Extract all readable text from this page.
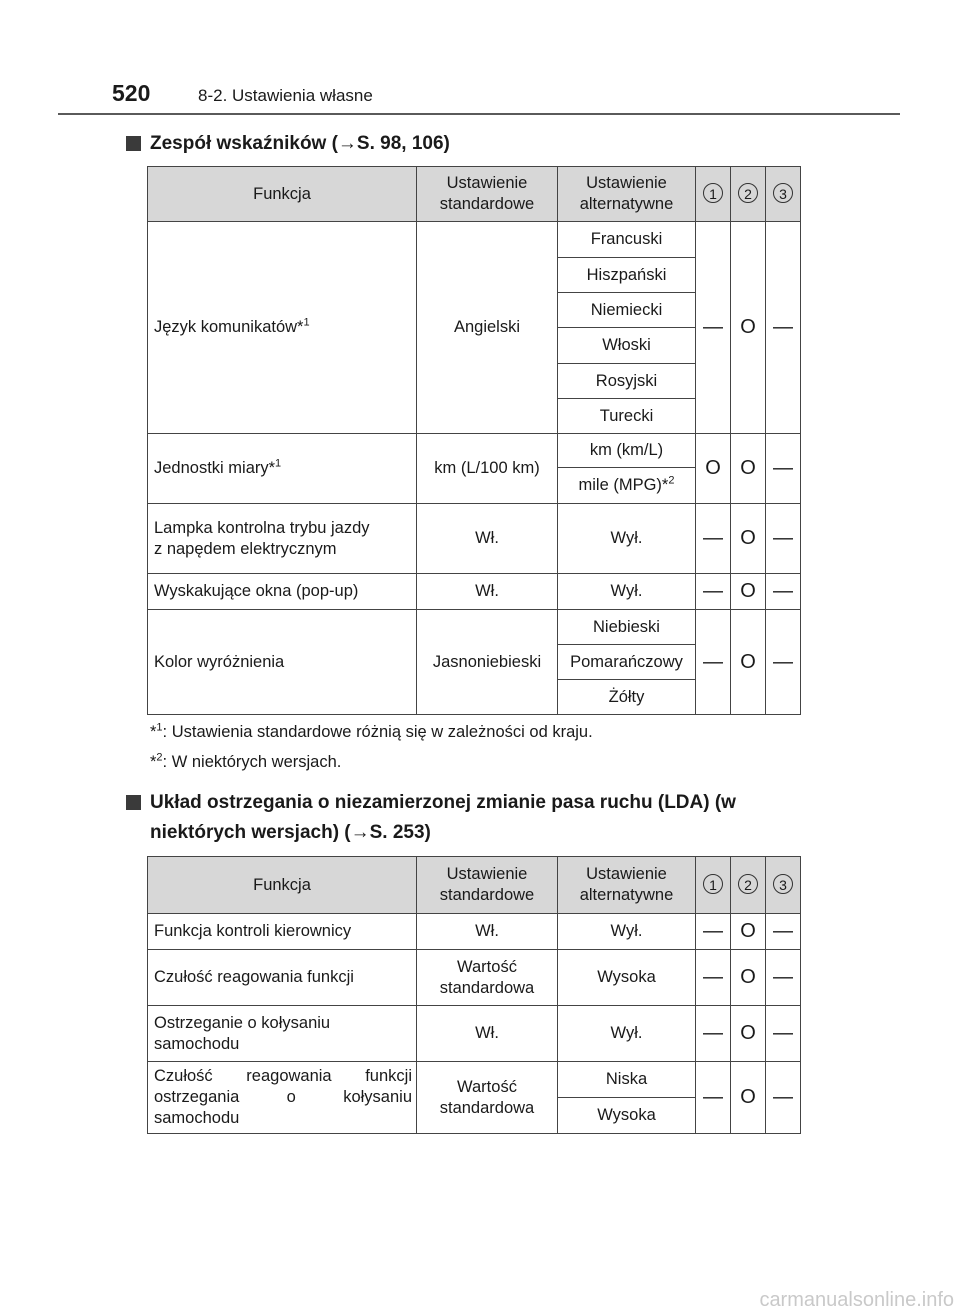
520	8-2. Ustawienia własne
Zespół wskaźników (→S. 98, 106)
Funkcja	Ustawienie standardowe	Ustawienie alternatywne	1	2	3
Język komunikatów*$^1$	Angielski	Francuski	—	O	—
		Hiszpański			
		Niemiecki			
		Włoski			
		Rosyjski			
		Turecki			
Jednostki miary*$^1$	km (L/100 km)	km (km/L)	O	O	—
		mile (MPG)*$^2$
Lampka kontrolna trybu jazdy
z napędem elektrycznym	Wł.	Wył.	—	O	—
Wyskakujące okna (pop-up)	Wł.	Wył.	—	O	—
Kolor wyróżnienia	Jasnoniebieski	Niebieski	—	O	—
		Pomarańczowy			
		Żółty			
*$^1$: Ustawienia standardowe różnią się w zależności od kraju.
*$^2$: W niektórych wersjach.
Układ ostrzegania o niezamierzonej zmianie pasa ruchu (LDA) (w niektórych wersjach) (→S. 253)
Funkcja	Ustawienie standardowe	Ustawienie alternatywne	1	2	3
Funkcja kontroli kierownicy	Wł.	Wył.	—	O	—
Czułość reagowania funkcji	Wartość standardowa	Wysoka	—	O	—
Ostrzeganie o kołysaniu samochodu	Wł.	Wył.	—	O	—
Czułość reagowania funkcji ostrzegania o kołysaniu samochodu	Wartość standardowa	Niska	—	O	—
		Wysoka			
carmanualsonline.info
